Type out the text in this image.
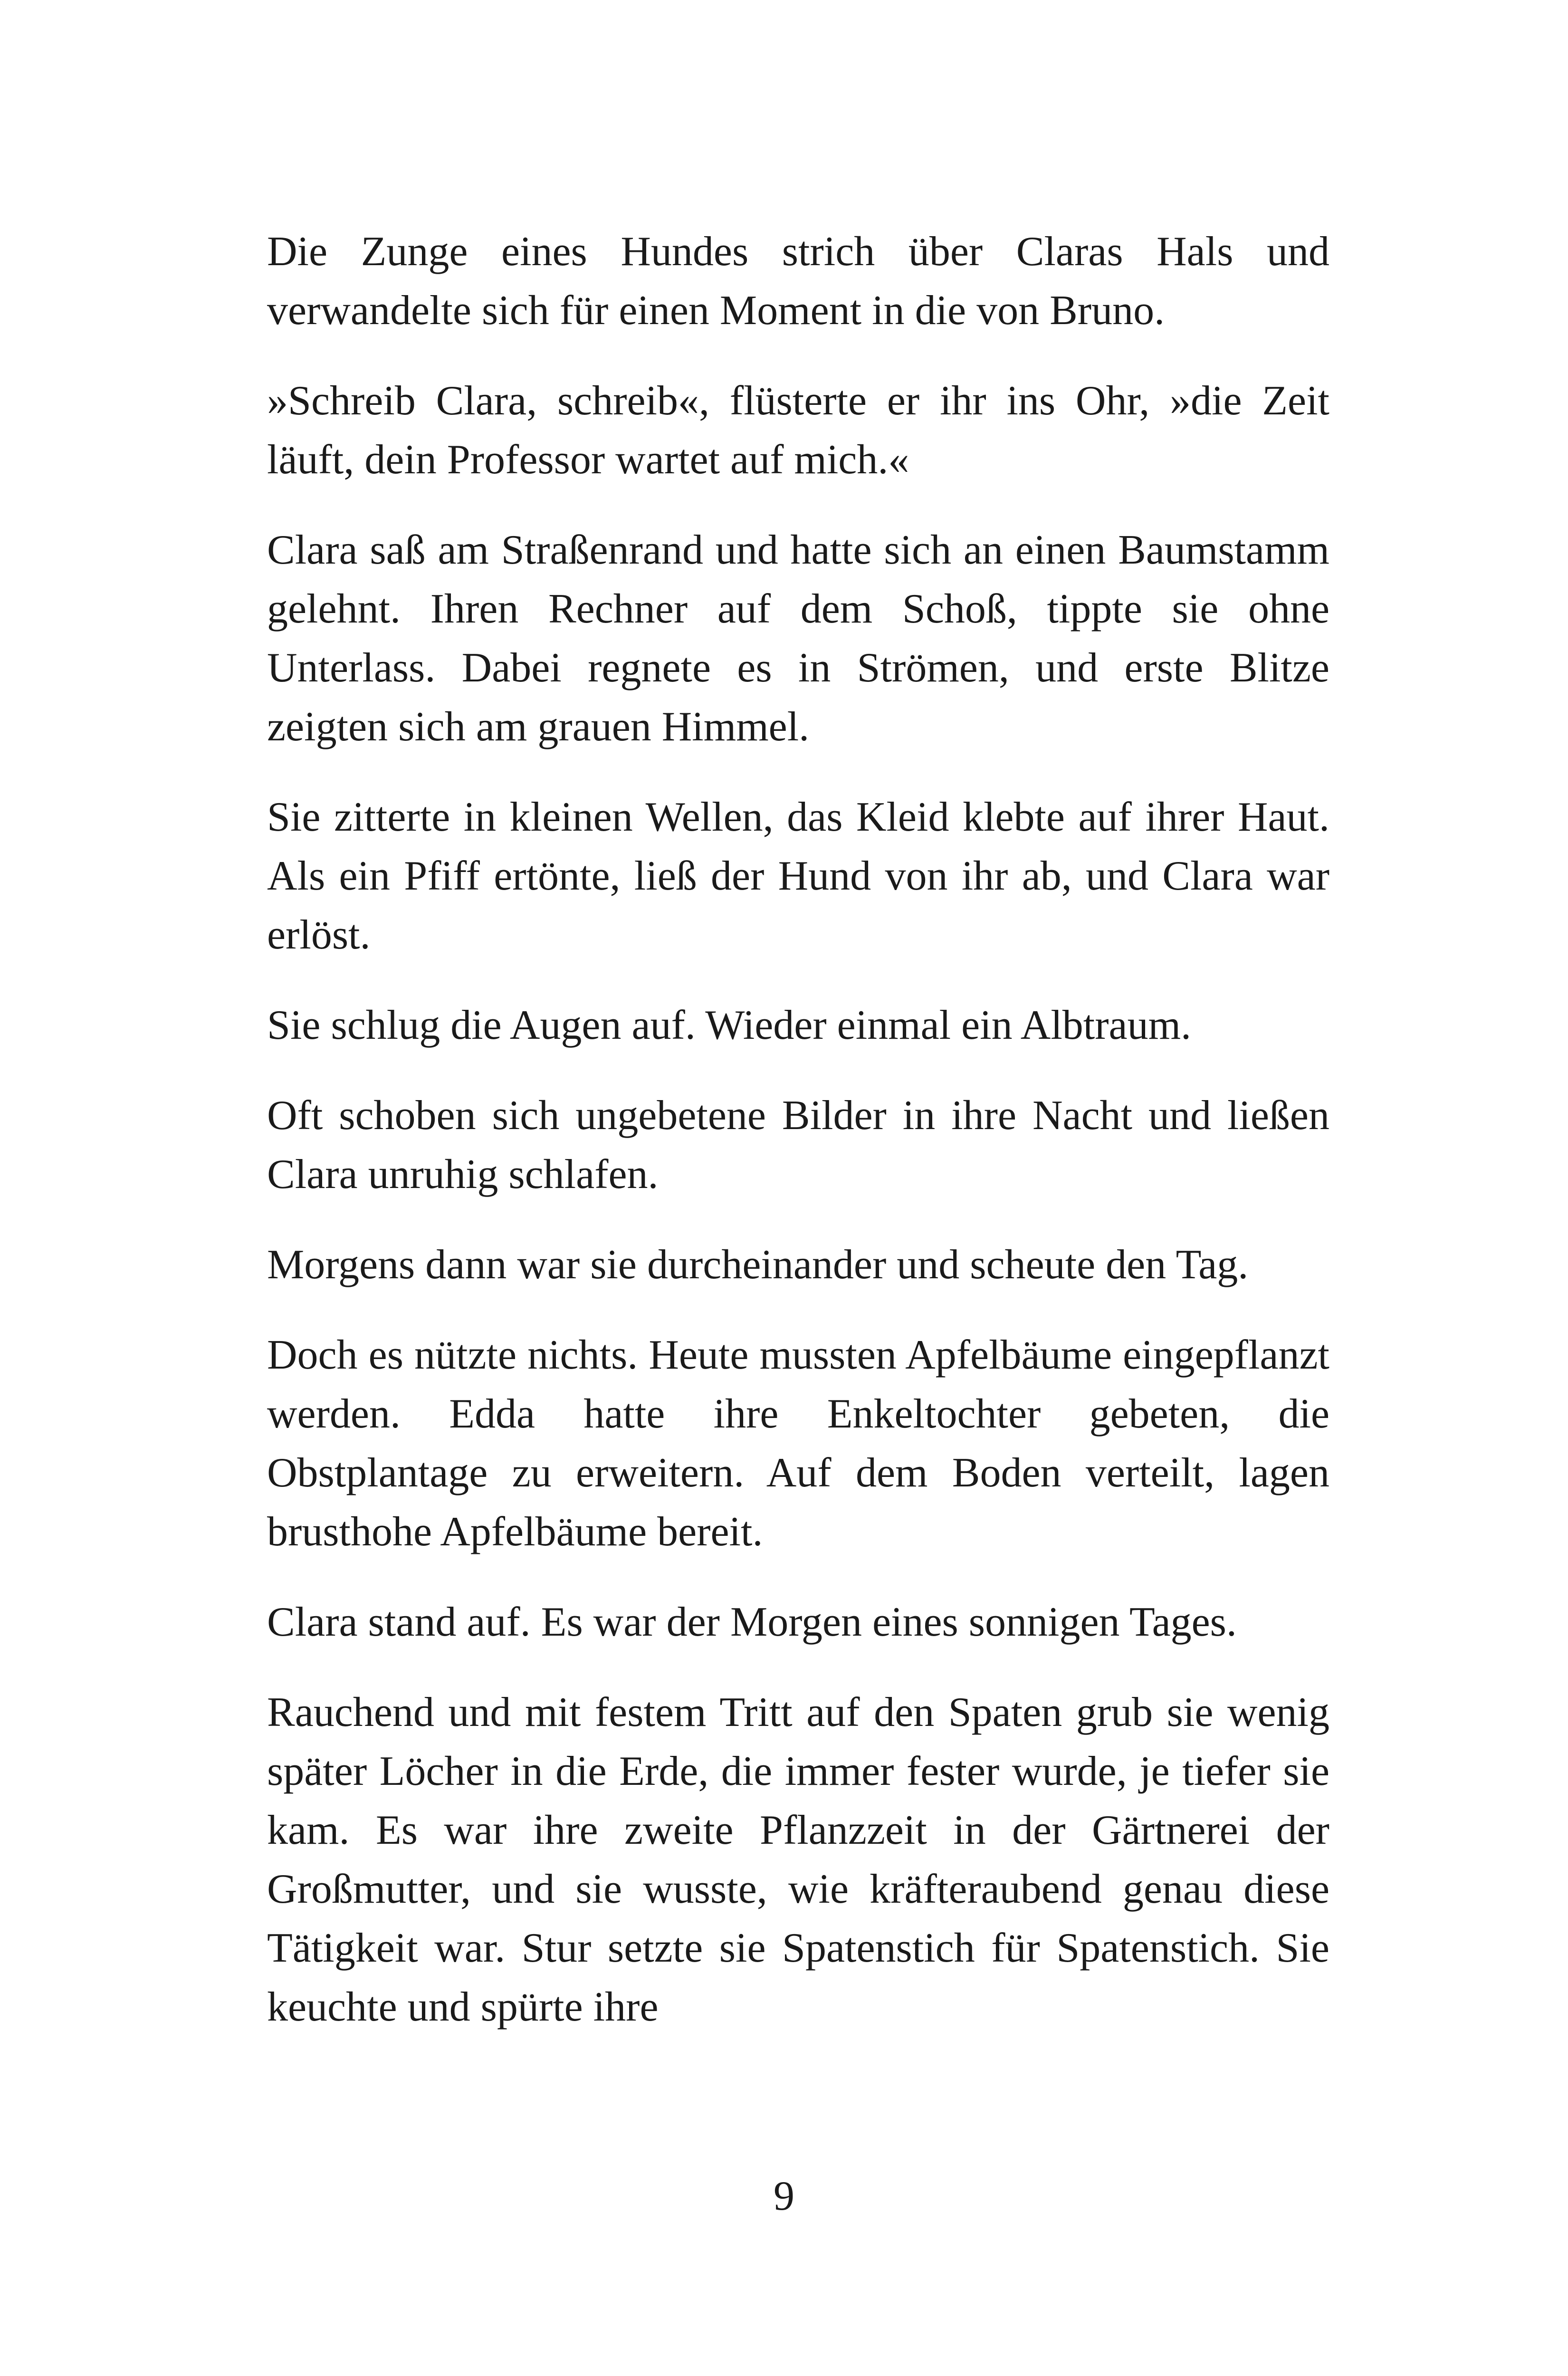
Die Zunge eines Hundes strich über Claras Hals und verwandelte sich für einen Moment in die von Bruno.

»Schreib Clara, schreib«, flüsterte er ihr ins Ohr, »die Zeit läuft, dein Professor wartet auf mich.«

Clara saß am Straßenrand und hatte sich an einen Baumstamm gelehnt. Ihren Rechner auf dem Schoß, tippte sie ohne Unterlass. Dabei regnete es in Strömen, und erste Blitze zeigten sich am grauen Himmel.

Sie zitterte in kleinen Wellen, das Kleid klebte auf ihrer Haut. Als ein Pfiff ertönte, ließ der Hund von ihr ab, und Clara war erlöst.

Sie schlug die Augen auf. Wieder einmal ein Albtraum.

Oft schoben sich ungebetene Bilder in ihre Nacht und ließen Clara unruhig schlafen.

Morgens dann war sie durcheinander und scheute den Tag.

Doch es nützte nichts. Heute mussten Apfelbäume eingepflanzt werden. Edda hatte ihre Enkeltochter gebeten, die Obstplantage zu erweitern. Auf dem Boden verteilt, lagen brusthohe Apfelbäume bereit.

Clara stand auf. Es war der Morgen eines sonnigen Tages.

Rauchend und mit festem Tritt auf den Spaten grub sie wenig später Löcher in die Erde, die immer fester wurde, je tiefer sie kam. Es war ihre zweite Pflanzzeit in der Gärtnerei der Großmutter, und sie wusste, wie kräfteraubend genau diese Tätigkeit war. Stur setzte sie Spatenstich für Spatenstich. Sie keuchte und spürte ihre

9
